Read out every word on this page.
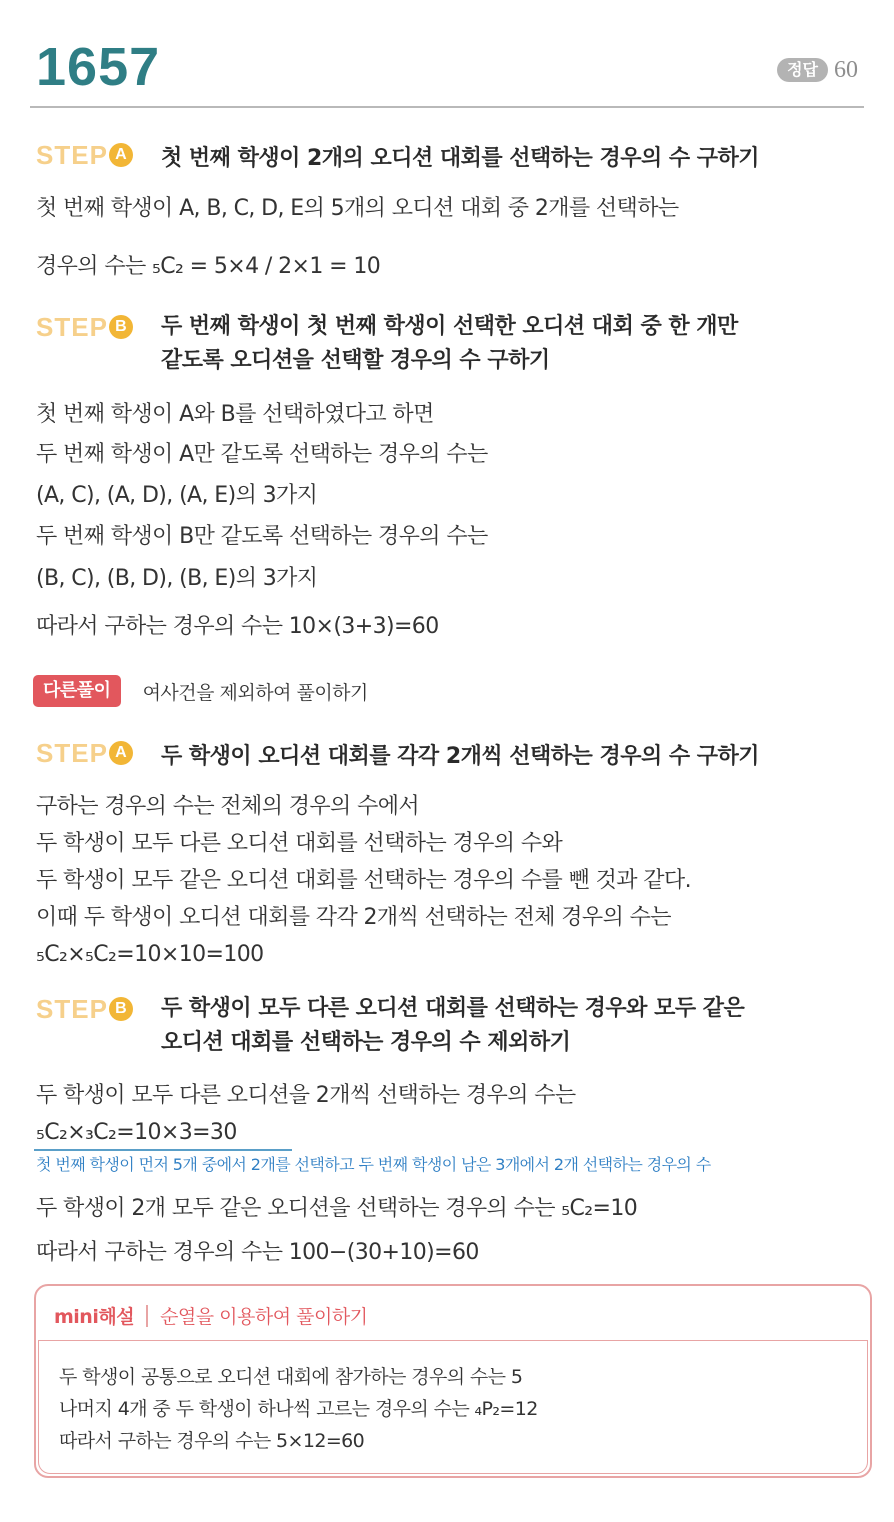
1657	정답 60
STEP A 첫 번째 학생이 2개의 오디션 대회를 선택하는 경우의 수 구하기
첫 번째 학생이 A, B, C, D, E의 5개의 오디션 대회 중 2개를 선택하는
경우의 수는 ₅C₂ = 5×4 / 2×1 = 10
STEP B 두 번째 학생이 첫 번째 학생이 선택한 오디션 대회 중 한 개만
같도록 오디션을 선택할 경우의 수 구하기
첫 번째 학생이 A와 B를 선택하였다고 하면
두 번째 학생이 A만 같도록 선택하는 경우의 수는
(A, C), (A, D), (A, E)의 3가지
두 번째 학생이 B만 같도록 선택하는 경우의 수는
(B, C), (B, D), (B, E)의 3가지
따라서 구하는 경우의 수는 10×(3+3)=60
다른풀이	여사건을 제외하여 풀이하기
STEP A 두 학생이 오디션 대회를 각각 2개씩 선택하는 경우의 수 구하기
구하는 경우의 수는 전체의 경우의 수에서
두 학생이 모두 다른 오디션 대회를 선택하는 경우의 수와
두 학생이 모두 같은 오디션 대회를 선택하는 경우의 수를 뺀 것과 같다.
이때 두 학생이 오디션 대회를 각각 2개씩 선택하는 전체 경우의 수는
₅C₂×₅C₂=10×10=100
STEP B 두 학생이 모두 다른 오디션 대회를 선택하는 경우와 모두 같은
오디션 대회를 선택하는 경우의 수 제외하기
두 학생이 모두 다른 오디션을 2개씩 선택하는 경우의 수는
₅C₂×₃C₂=10×3=30
첫 번째 학생이 먼저 5개 중에서 2개를 선택하고 두 번째 학생이 남은 3개에서 2개 선택하는 경우의 수
두 학생이 2개 모두 같은 오디션을 선택하는 경우의 수는 ₅C₂=10
따라서 구하는 경우의 수는 100−(30+10)=60
mini해설 순열을 이용하여 풀이하기
두 학생이 공통으로 오디션 대회에 참가하는 경우의 수는 5
나머지 4개 중 두 학생이 하나씩 고르는 경우의 수는 ₄P₂=12
따라서 구하는 경우의 수는 5×12=60
